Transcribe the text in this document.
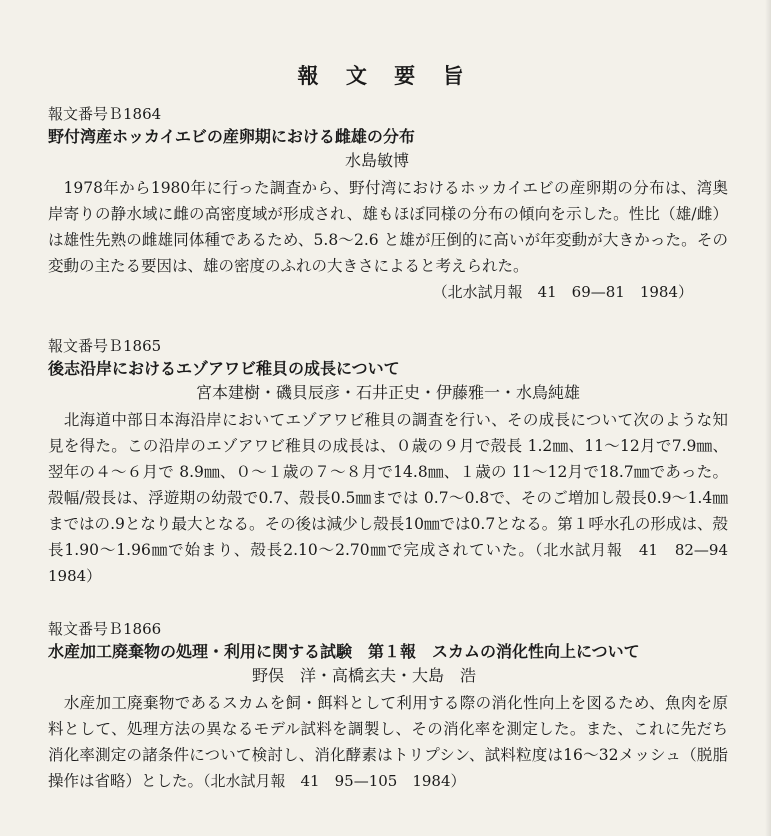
報 文 要 旨
報文番号Ｂ1864
野付湾産ホッカイエビの産卵期における雌雄の分布
水島敏博
1978年から1980年に行った調査から、野付湾におけるホッカイエビの産卵期の分布は、湾奥岸寄りの静水域に雌の高密度域が形成され、雄もほぼ同様の分布の傾向を示した。性比（雄/雌）は雄性先熟の雌雄同体種であるため、5.8〜2.6 と雄が圧倒的に高いが年変動が大きかった。その変動の主たる要因は、雄の密度のふれの大きさによると考えられた。
（北水試月報　41　69—81　1984）
報文番号Ｂ1865
後志沿岸におけるエゾアワビ稚貝の成長について
宮本建樹・磯貝辰彦・石井正史・伊藤雅一・水鳥純雄
北海道中部日本海沿岸においてエゾアワビ稚貝の調査を行い、その成長について次のような知見を得た。この沿岸のエゾアワビ稚貝の成長は、０歳の９月で殻長 1.2㎜、11〜12月で7.9㎜、翌年の４〜６月で 8.9㎜、０〜１歳の７〜８月で14.8㎜、１歳の 11〜12月で18.7㎜であった。殻幅/殻長は、浮遊期の幼殻で0.7、殻長0.5㎜までは 0.7〜0.8で、そのご増加し殻長0.9〜1.4㎜まではの.9となり最大となる。その後は減少し殻長10㎜では0.7となる。第１呼水孔の形成は、殻長1.90〜1.96㎜で始まり、殻長2.10〜2.70㎜で完成されていた。（北水試月報　41　82—94　1984）
報文番号Ｂ1866
水産加工廃棄物の処理・利用に関する試験　第１報　スカムの消化性向上について
野俣　洋・高橋玄夫・大島　浩
水産加工廃棄物であるスカムを飼・餌料として利用する際の消化性向上を図るため、魚肉を原料として、処理方法の異なるモデル試料を調製し、その消化率を測定した。また、これに先だち消化率測定の諸条件について検討し、消化酵素はトリプシン、試料粒度は16〜32メッシュ（脱脂操作は省略）とした。（北水試月報　41　95—105　1984）
